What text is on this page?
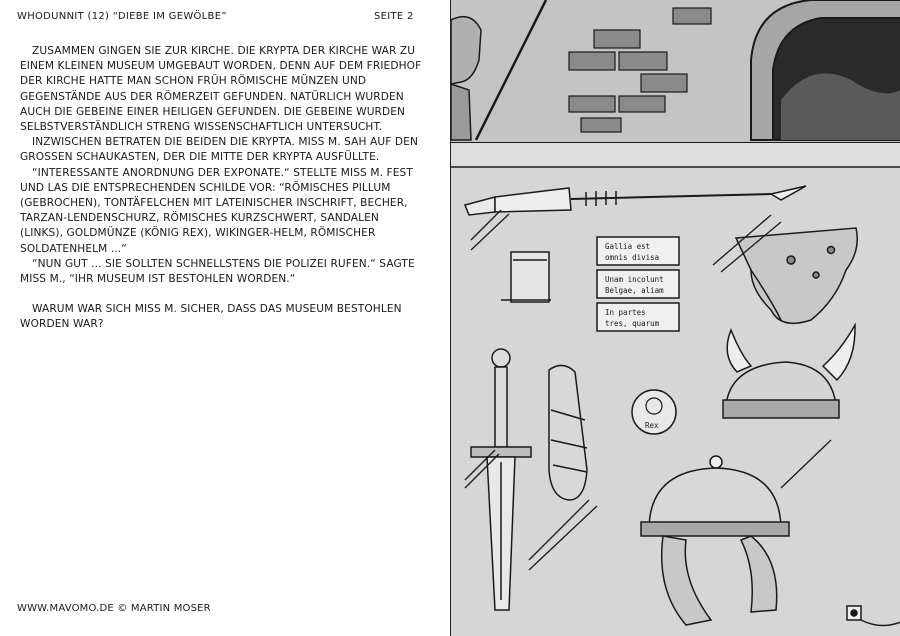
WHODUNNIT (12) “DIEBE IM GEWÖLBE”	SEITE 2

ZUSAMMEN GINGEN SIE ZUR KIRCHE. DIE KRYPTA DER KIRCHE WAR ZU EINEM KLEINEN MUSEUM UMGEBAUT WORDEN, DENN AUF DEM FRIEDHOF DER KIRCHE HATTE MAN SCHON FRÜH RÖMISCHE MÜNZEN UND GEGENSTÄNDE AUS DER RÖMERZEIT GEFUNDEN. NATÜRLICH WURDEN AUCH DIE GEBEINE EINER HEILIGEN GEFUNDEN. DIE GEBEINE WURDEN SELBSTVERSTÄNDLICH STRENG WISSENSCHAFTLICH UNTERSUCHT.

INZWISCHEN BETRATEN DIE BEIDEN DIE KRYPTA. MISS M. SAH AUF DEN GROSSEN SCHAUKASTEN, DER DIE MITTE DER KRYPTA AUSFÜLLTE.

“INTERESSANTE ANORDNUNG DER EXPONATE.“ STELLTE MISS M. FEST UND LAS DIE ENTSPRECHENDEN SCHILDE VOR: “RÖMISCHES PILLUM (GEBROCHEN), TONTÄFELCHEN MIT LATEINISCHER INSCHRIFT, BECHER, TARZAN-LENDENSCHURZ, RÖMISCHES KURZSCHWERT, SANDALEN (LINKS), GOLDMÜNZE (KÖNIG REX), WIKINGER-HELM, RÖMISCHER SOLDATENHELM ...“

“NUN GUT ... SIE SOLLTEN SCHNELLSTENS DIE POLIZEI RUFEN.“ SAGTE MISS M., “IHR MUSEUM IST BESTOHLEN WORDEN.“

WARUM WAR SICH MISS M. SICHER, DASS DAS MUSEUM BESTOHLEN WORDEN WAR?

WWW.MAVOMO.DE © MARTIN MOSER
Gallia est
omnis divisa
Unam incolunt
Belgae, aliam
In partes
tres, quarum
Rex
